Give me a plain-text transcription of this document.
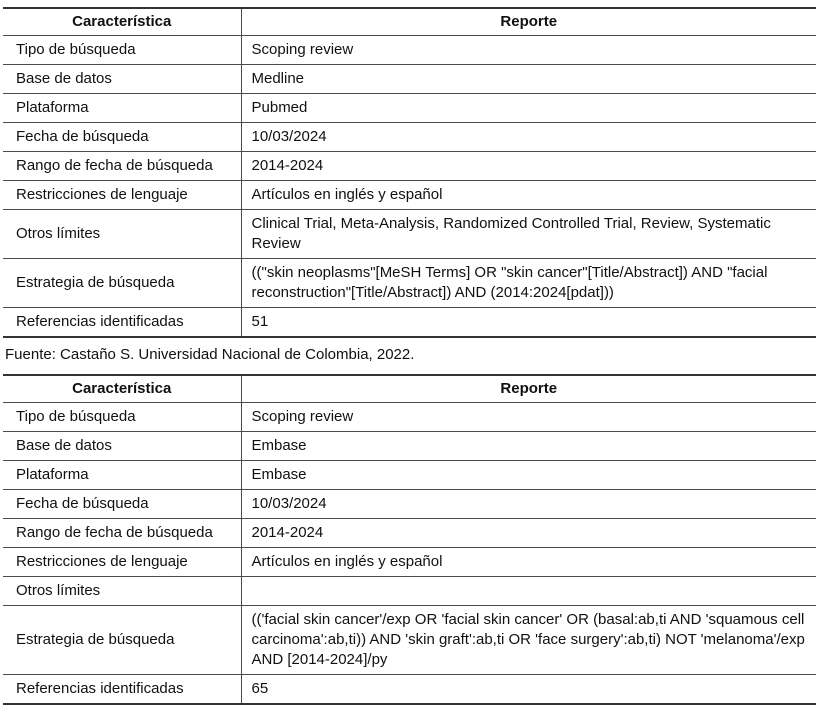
Característica	Reporte
Tipo de búsqueda	Scoping review
Base de datos	Medline
Plataforma	Pubmed
Fecha de búsqueda	10/03/2024
Rango de fecha de búsqueda	2014-2024
Restricciones de lenguaje	Artículos en inglés y español
Otros límites	Clinical Trial, Meta-Analysis, Randomized Controlled Trial, Review, Systematic Review
Estrategia de búsqueda	(("skin neoplasms"[MeSH Terms] OR "skin cancer"[Title/Abstract]) AND "facial reconstruction"[Title/Abstract]) AND (2014:2024[pdat]))
Referencias identificadas	51

Fuente: Castaño S. Universidad Nacional de Colombia, 2022.

Característica	Reporte
Tipo de búsqueda	Scoping review
Base de datos	Embase
Plataforma	Embase
Fecha de búsqueda	10/03/2024
Rango de fecha de búsqueda	2014-2024
Restricciones de lenguaje	Artículos en inglés y español
Otros límites	
Estrategia de búsqueda	(('facial skin cancer'/exp OR 'facial skin cancer' OR (basal:ab,ti AND 'squamous cell carcinoma':ab,ti)) AND 'skin graft':ab,ti OR 'face surgery':ab,ti) NOT 'melanoma'/exp AND [2014-2024]/py
Referencias identificadas	65
